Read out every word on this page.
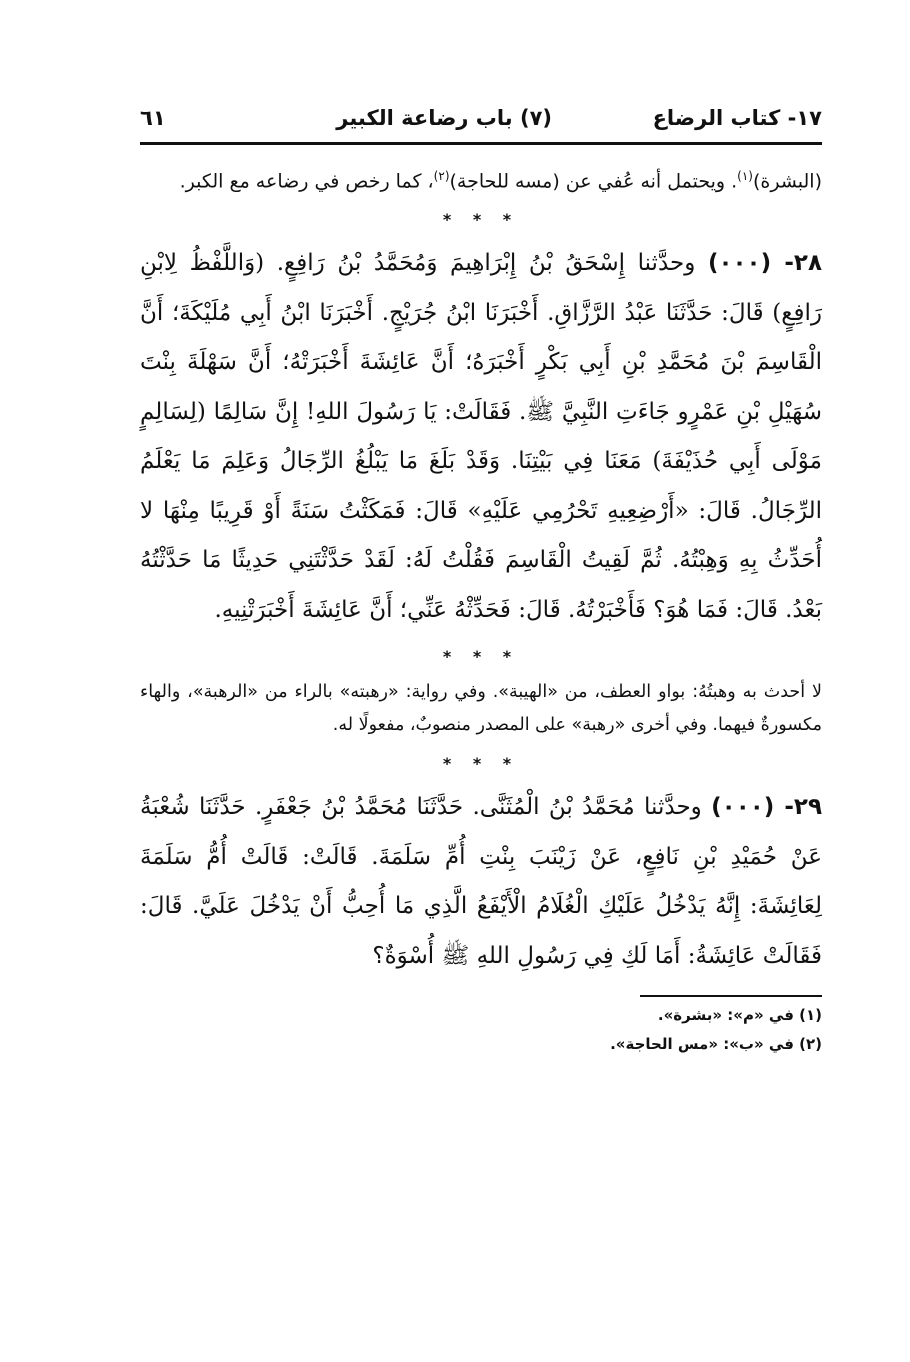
١٧- كتاب الرضاع
(٧) باب رضاعة الكبير
٦١
(البشرة)$^{(١)}$. ويحتمل أنه عُفي عن (مسه للحاجة)$^{(٢)}$، كما رخص في رضاعه مع الكبر.
* * *
٢٨- (٠٠٠) وحدَّثنا إِسْحَقُ بْنُ إِبْرَاهِيمَ وَمُحَمَّدُ بْنُ رَافِعٍ. (وَاللَّفْظُ لِابْنِ رَافِعٍ) قَالَ: حَدَّثَنَا عَبْدُ الرَّزَّاقِ. أَخْبَرَنَا ابْنُ جُرَيْجٍ. أَخْبَرَنَا ابْنُ أَبِي مُلَيْكَةَ؛ أَنَّ الْقَاسِمَ بْنَ مُحَمَّدِ بْنِ أَبِي بَكْرٍ أَخْبَرَهُ؛ أَنَّ عَائِشَةَ أَخْبَرَتْهُ؛ أَنَّ سَهْلَةَ بِنْتَ سُهَيْلِ بْنِ عَمْرٍو جَاءَتِ النَّبِيَّ ﷺ. فَقَالَتْ: يَا رَسُولَ اللهِ! إِنَّ سَالِمًا (لِسَالِمٍ مَوْلَى أَبِي حُذَيْفَةَ) مَعَنَا فِي بَيْتِنَا. وَقَدْ بَلَغَ مَا يَبْلُغُ الرِّجَالُ وَعَلِمَ مَا يَعْلَمُ الرِّجَالُ. قَالَ: «أَرْضِعِيهِ تَحْرُمِي عَلَيْهِ» قَالَ: فَمَكَثْتُ سَنَةً أَوْ قَرِيبًا مِنْهَا لا أُحَدِّثُ بِهِ وَهِبْتُهُ. ثُمَّ لَقِيتُ الْقَاسِمَ فَقُلْتُ لَهُ: لَقَدْ حَدَّثْتَنِي حَدِيثًا مَا حَدَّثْتُهُ بَعْدُ. قَالَ: فَمَا هُوَ؟ فَأَخْبَرْتُهُ. قَالَ: فَحَدِّثْهُ عَنِّي؛ أَنَّ عَائِشَةَ أَخْبَرَتْنِيهِ.
* * *
لا أحدث به وهبتُهُ: بواو العطف، من «الهيبة». وفي رواية: «رهبته» بالراء من «الرهبة»، والهاء مكسورةٌ فيهما. وفي أخرى «رهبة» على المصدر منصوبٌ، مفعولًا له.
* * *
٢٩- (٠٠٠) وحدَّثنا مُحَمَّدُ بْنُ الْمُثَنَّى. حَدَّثَنَا مُحَمَّدُ بْنُ جَعْفَرٍ. حَدَّثَنَا شُعْبَةُ عَنْ حُمَيْدِ بْنِ نَافِعٍ، عَنْ زَيْنَبَ بِنْتِ أُمِّ سَلَمَةَ. قَالَتْ: قَالَتْ أُمُّ سَلَمَةَ لِعَائِشَةَ: إِنَّهُ يَدْخُلُ عَلَيْكِ الْغُلَامُ الْأَيْفَعُ الَّذِي مَا أُحِبُّ أَنْ يَدْخُلَ عَلَيَّ. قَالَ: فَقَالَتْ عَائِشَةُ: أَمَا لَكِ فِي رَسُولِ اللهِ ﷺ أُسْوَةٌ؟
(١) في «م»: «بشرة».
(٢) في «ب»: «مس الحاجة».
